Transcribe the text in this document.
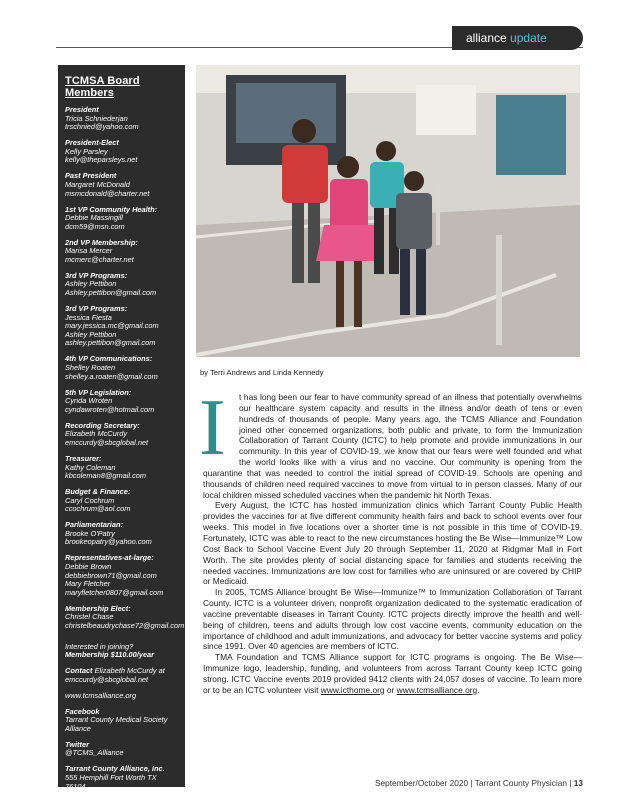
alliance update
TCMSA Board Members
President
Tricia Schniederjan
trschnied@yahoo.com
President-Elect
Kelly Parsley
kelly@theparsleys.net
Past President
Margaret McDonald
msmcdonald@charter.net
1st VP Community Health:
Debbie Massingill
dcm59@msn.com
2nd VP Membership:
Marisa Mercer
mcmerc@charter.net
3rd VP Programs:
Ashley Pettibon
Ashley.pettibon@gmail.com
3rd VP Programs:
Jessica Fiesta
mary.jessica.mc@gmail.com
Ashley Pettibon
ashley.pettibon@gmail.com
4th VP Communications:
Shelley Roaten
shelley.a.roaten@gmail.com
5th VP Legislation:
Cynda Wroten
cyndawroten@hotmail.com
Recording Secretary:
Elizabeth McCurdy
emccurdy@sbcglobal.net
Treasurer:
Kathy Coleman
kbcoleman8@gmail.com
Budget & Finance:
Caryl Cochrum
ccochrum@aol.com
Parliamentarian:
Brooke O'Patry
brookeopatry@yahoo.com
Representatives-at-large:
Debbie Brown
debbiebrown71@gmail.com
Mary Fletcher
maryfletcher0807@gmail.com
Membership Elect:
Christel Chase
christelbeaudrychase72@gmail.com
Interested in joining?
Membership $110.00/year
Contact Elizabeth McCurdy at emccurdy@sbcglobal.net
www.tcmsalliance.org
Facebook
Tarrant County Medical Society Alliance
Twitter
@TCMS_Alliance
Tarrant County Alliance, Inc.
555 Hemphill Fort Worth TX
76104
(817) 732-2825
by Terri Andrews and Linda Kennedy
I	t has long been our fear to have community spread of an illness that potentially overwhelms our healthcare system capacity and results in the illness and/or death of tens or even hundreds of thousands of people. Many years ago, the TCMS Alliance and Foundation joined other concerned organizations, both public and private, to form the Immunization Collaboration of Tarrant County (ICTC) to help promote and provide immunizations in our community. In this year of COVID-19, we know that our fears were well founded and what the world looks like with a virus and no vaccine. Our community is opening from the quarantine that was needed to control the initial spread of COVID-19. Schools are opening and thousands of children need required vaccines to move from virtual to in person classes. Many of our local children missed scheduled vaccines when the pandemic hit North Texas.

Every August, the ICTC has hosted immunization clinics which Tarrant County Public Health provides the vaccines for at five different community health fairs and back to school events over four weeks. This model in five locations over a shorter time is not possible in this time of COVID-19. Fortunately, ICTC was able to react to the new circumstances hosting the Be Wise—Immunize™ Low Cost Back to School Vaccine Event July 20 through September 11, 2020 at Ridgmar Mall in Fort Worth. The site provides plenty of social distancing space for families and students receiving the needed vaccines. Immunizations are low cost for families who are uninsured or are covered by CHIP or Medicaid.

In 2005, TCMS Alliance brought Be Wise—Immunize™ to Immunization Collaboration of Tarrant County. ICTC is a volunteer driven, nonprofit organization dedicated to the systematic eradication of vaccine preventable diseases in Tarrant County. ICTC projects directly improve the health and well-being of children, teens and adults through low cost vaccine events, community education on the importance of childhood and adult immunizations, and advocacy for better vaccine systems and policy since 1991. Over 40 agencies are members of ICTC.

TMA Foundation and TCMS Alliance support for ICTC programs is ongoing. The Be Wise—Immunize logo, leadership, funding, and volunteers from across Tarrant County keep ICTC going strong. ICTC Vaccine events 2019 provided 9412 clients with 24,057 doses of vaccine. To learn more or to be an ICTC volunteer visit www.icthome.org or www.tcmsalliance.org.

September/October 2020 | Tarrant County Physician | 13
